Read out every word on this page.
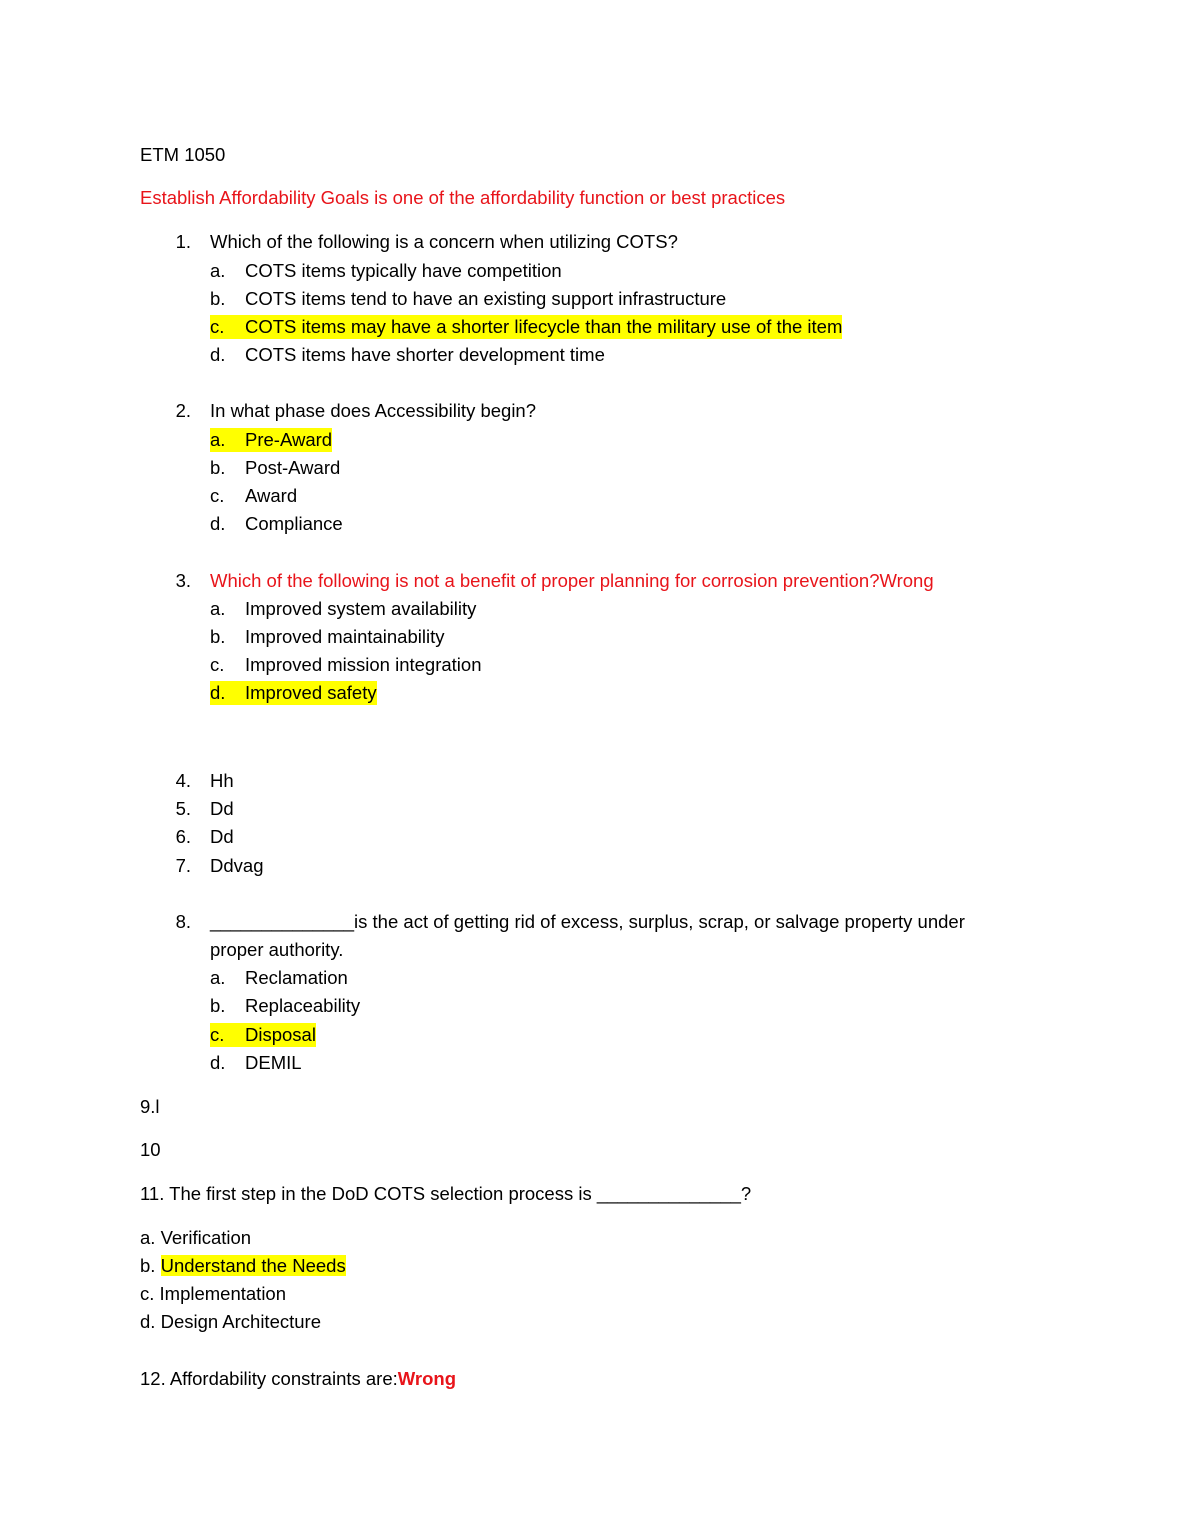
ETM 1050
Establish Affordability Goals is one of the affordability function or best practices
1. Which of the following is a concern when utilizing COTS?
a. COTS items typically have competition
b. COTS items tend to have an existing support infrastructure
c.	COTS items may have a shorter lifecycle than the military use of the item
d. COTS items have shorter development time
2. In what phase does Accessibility begin?
a.	Pre-Award
b. Post-Award
c. Award
d. Compliance
3. Which of the following is not a benefit of proper planning for corrosion prevention?Wrong
a. Improved system availability
b. Improved maintainability
c. Improved mission integration
d.	Improved safety
4. Hh
5. Dd
6. Dd
7. Ddvag
8. ______________is the act of getting rid of excess, surplus, scrap, or salvage property under
proper authority.
a. Reclamation
b. Replaceability
c.	Disposal
d. DEMIL
9.l
10
11. The first step in the DoD COTS selection process is ______________?
a. Verification
b. Understand the Needs
c. Implementation
d. Design Architecture
12. Affordability constraints are:Wrong
